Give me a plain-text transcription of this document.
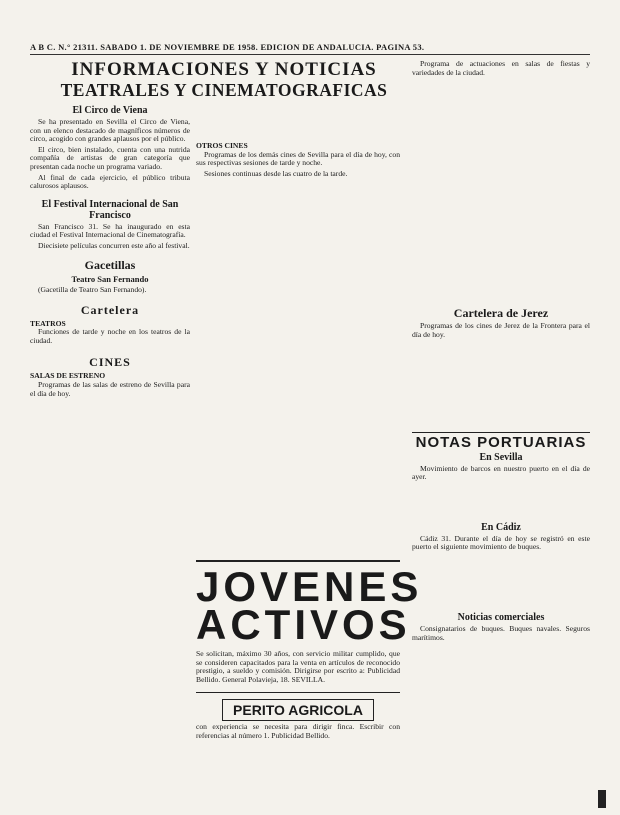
A B C. N.° 21311. SABADO 1. DE NOVIEMBRE DE 1958. EDICION DE ANDALUCIA. PAGINA 53.
INFORMACIONES Y NOTICIAS
TEATRALES Y CINEMATOGRAFICAS
El Circo de Viena

Se ha presentado en Sevilla el Circo de Viena, con un elenco destacado de magníficos números de circo, acogido con grandes aplausos por el público.

El circo, bien instalado, cuenta con una nutrida compañía de artistas de gran categoría que presentan cada noche un programa variado.

Al final de cada ejercicio, el público tributa calurosos aplausos.

El Festival Internacional de San Francisco

San Francisco 31. Se ha inaugurado en esta ciudad el Festival Internacional de Cinematografía.

Diecisiete películas concurren este año al festival.

Gacetillas
Teatro San Fernando

(Gacetilla de Teatro San Fernando).

Cartelera
TEATROS

Funciones de tarde y noche en los teatros de la ciudad.

CINES
SALAS DE ESTRENO

Programas de las salas de estreno de Sevilla para el día de hoy.

OTROS CINES

Programas de los demás cines de Sevilla para el día de hoy, con sus respectivas sesiones de tarde y noche.

Sesiones continuas desde las cuatro de la tarde.

JOVENES ACTIVOS
Se solicitan, máximo 30 años, con servicio militar cumplido, que se consideren capacitados para la venta en artículos de reconocido prestigio, a sueldo y comisión. Dirigirse por escrito a: Publicidad Bellido. General Polavieja, 18. SEVILLA.
PERITO AGRICOLA
con experiencia se necesita para dirigir finca. Escribir con referencias al número 1. Publicidad Bellido.

Programa de actuaciones en salas de fiestas y variedades de la ciudad.

Cartelera de Jerez

Programas de los cines de Jerez de la Frontera para el día de hoy.

NOTAS PORTUARIAS
En Sevilla

Movimiento de barcos en nuestro puerto en el día de ayer.

En Cádiz

Cádiz 31. Durante el día de hoy se registró en este puerto el siguiente movimiento de buques.

Noticias comerciales

Consignatarios de buques. Buques navales. Seguros marítimos.
